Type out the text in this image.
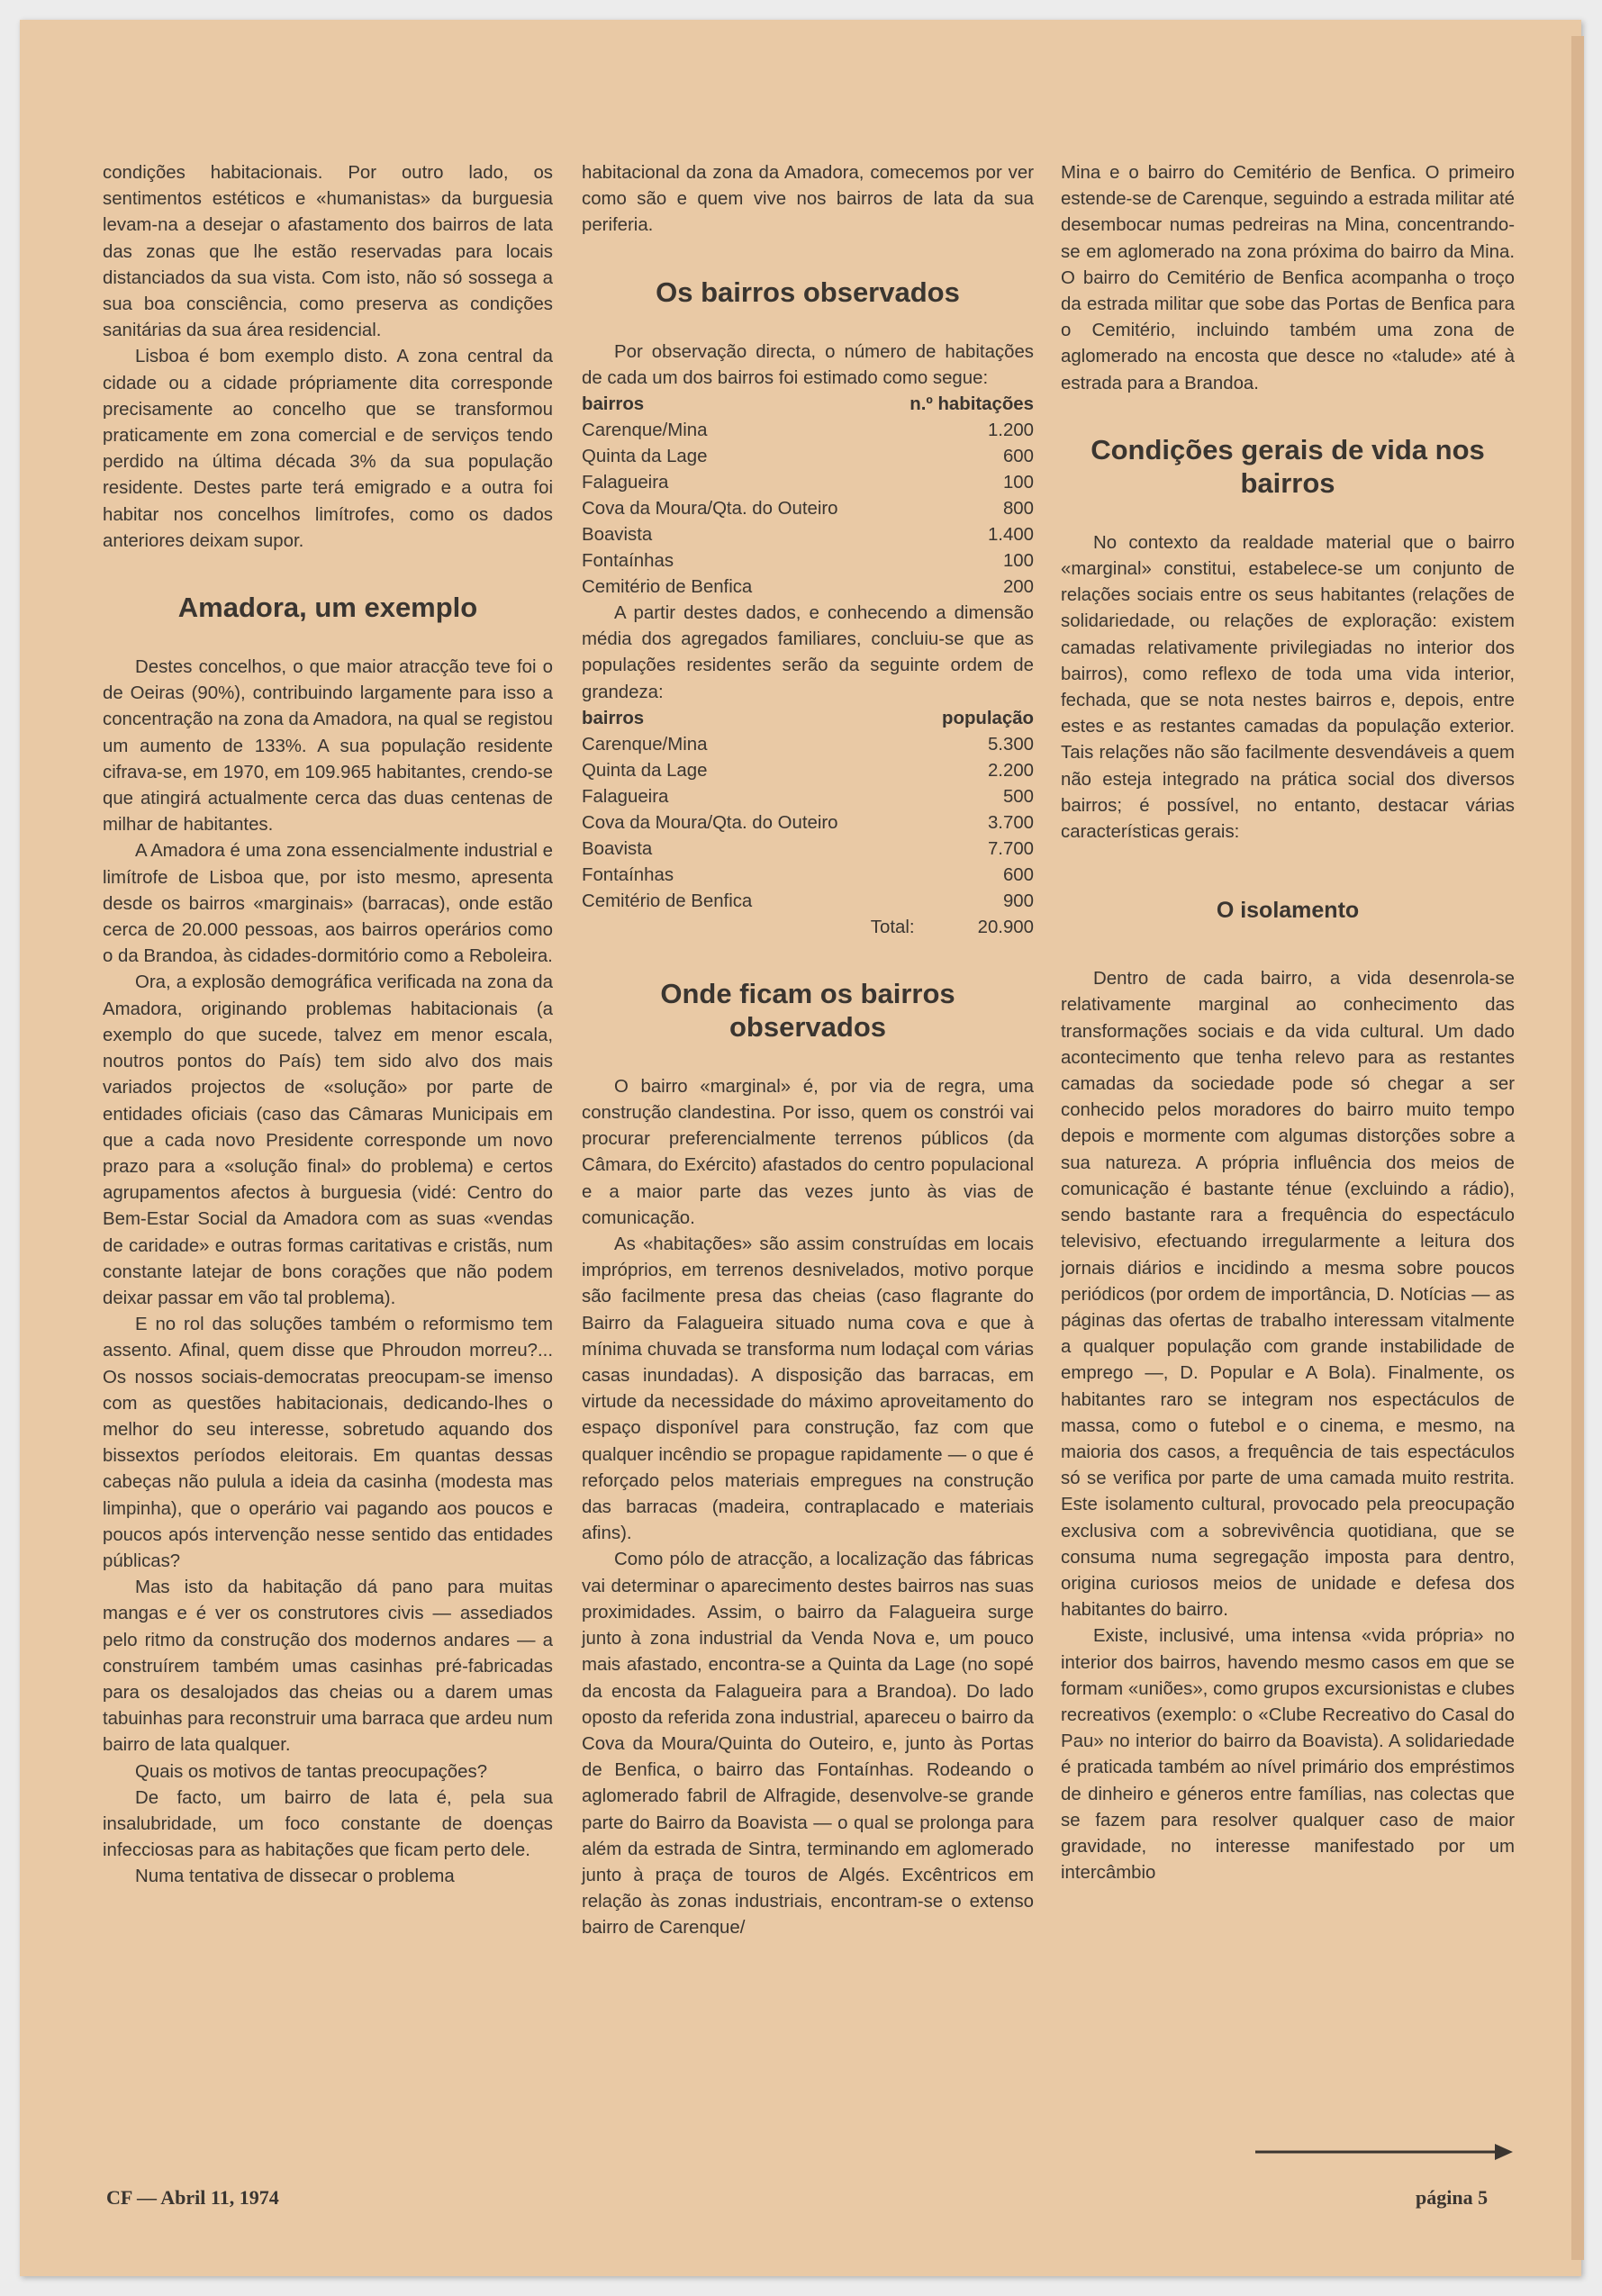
condições habitacionais. Por outro lado, os sentimentos estéticos e «humanistas» da burguesia levam-na a desejar o afastamento dos bairros de lata das zonas que lhe estão reservadas para locais distanciados da sua vista. Com isto, não só sossega a sua boa consciência, como preserva as condições sanitárias da sua área residencial.

Lisboa é bom exemplo disto. A zona central da cidade ou a cidade própriamente dita corresponde precisamente ao concelho que se transformou praticamente em zona comercial e de serviços tendo perdido na última década 3% da sua população residente. Destes parte terá emigrado e a outra foi habitar nos concelhos limítrofes, como os dados anteriores deixam supor.

Amadora, um exemplo

Destes concelhos, o que maior atracção teve foi o de Oeiras (90%), contribuindo largamente para isso a concentração na zona da Amadora, na qual se registou um aumento de 133%. A sua população residente cifrava-se, em 1970, em 109.965 habitantes, crendo-se que atingirá actualmente cerca das duas centenas de milhar de habitantes.

A Amadora é uma zona essencialmente industrial e limítrofe de Lisboa que, por isto mesmo, apresenta desde os bairros «marginais» (barracas), onde estão cerca de 20.000 pessoas, aos bairros operários como o da Brandoa, às cidades-dormitório como a Reboleira.

Ora, a explosão demográfica verificada na zona da Amadora, originando problemas habitacionais (a exemplo do que sucede, talvez em menor escala, noutros pontos do País) tem sido alvo dos mais variados projectos de «solução» por parte de entidades oficiais (caso das Câmaras Municipais em que a cada novo Presidente corresponde um novo prazo para a «solução final» do problema) e certos agrupamentos afectos à burguesia (vidé: Centro do Bem-Estar Social da Amadora com as suas «vendas de caridade» e outras formas caritativas e cristãs, num constante latejar de bons corações que não podem deixar passar em vão tal problema).

E no rol das soluções também o reformismo tem assento. Afinal, quem disse que Phroudon morreu?... Os nossos sociais-democratas preocupam-se imenso com as questões habitacionais, dedicando-lhes o melhor do seu interesse, sobretudo aquando dos bissextos períodos eleitorais. Em quantas dessas cabeças não pulula a ideia da casinha (modesta mas limpinha), que o operário vai pagando aos poucos e poucos após intervenção nesse sentido das entidades públicas?

Mas isto da habitação dá pano para muitas mangas e é ver os construtores civis — assediados pelo ritmo da construção dos modernos andares — a construírem também umas casinhas pré-fabricadas para os desalojados das cheias ou a darem umas tabuinhas para reconstruir uma barraca que ardeu num bairro de lata qualquer.

Quais os motivos de tantas preocupações?

De facto, um bairro de lata é, pela sua insalubridade, um foco constante de doenças infecciosas para as habitações que ficam perto dele.

Numa tentativa de dissecar o problema

habitacional da zona da Amadora, comecemos por ver como são e quem vive nos bairros de lata da sua periferia.

Os bairros observados

Por observação directa, o número de habitações de cada um dos bairros foi estimado como segue:

bairros	n.º habitações
Carenque/Mina	1.200
Quinta da Lage	600
Falagueira	100
Cova da Moura/Qta. do Outeiro	800
Boavista	1.400
Fontaínhas	100
Cemitério de Benfica	200

A partir destes dados, e conhecendo a dimensão média dos agregados familiares, concluiu-se que as populações residentes serão da seguinte ordem de grandeza:

bairros	população
Carenque/Mina	5.300
Quinta da Lage	2.200
Falagueira	500
Cova da Moura/Qta. do Outeiro	3.700
Boavista	7.700
Fontaínhas	600
Cemitério de Benfica	900
Total:	20.900
Onde ficam os bairros observados

O bairro «marginal» é, por via de regra, uma construção clandestina. Por isso, quem os constrói vai procurar preferencialmente terrenos públicos (da Câmara, do Exército) afastados do centro populacional e a maior parte das vezes junto às vias de comunicação.

As «habitações» são assim construídas em locais impróprios, em terrenos desnivelados, motivo porque são facilmente presa das cheias (caso flagrante do Bairro da Falagueira situado numa cova e que à mínima chuvada se transforma num lodaçal com várias casas inundadas). A disposição das barracas, em virtude da necessidade do máximo aproveitamento do espaço disponível para construção, faz com que qualquer incêndio se propague rapidamente — o que é reforçado pelos materiais empregues na construção das barracas (madeira, contraplacado e materiais afins).

Como pólo de atracção, a localização das fábricas vai determinar o aparecimento destes bairros nas suas proximidades. Assim, o bairro da Falagueira surge junto à zona industrial da Venda Nova e, um pouco mais afastado, encontra-se a Quinta da Lage (no sopé da encosta da Falagueira para a Brandoa). Do lado oposto da referida zona industrial, apareceu o bairro da Cova da Moura/Quinta do Outeiro, e, junto às Portas de Benfica, o bairro das Fontaínhas. Rodeando o aglomerado fabril de Alfragide, desenvolve-se grande parte do Bairro da Boavista — o qual se prolonga para além da estrada de Sintra, terminando em aglomerado junto à praça de touros de Algés. Excêntricos em relação às zonas industriais, encontram-se o extenso bairro de Carenque/

Mina e o bairro do Cemitério de Benfica. O primeiro estende-se de Carenque, seguindo a estrada militar até desembocar numas pedreiras na Mina, concentrando-se em aglomerado na zona próxima do bairro da Mina. O bairro do Cemitério de Benfica acompanha o troço da estrada militar que sobe das Portas de Benfica para o Cemitério, incluindo também uma zona de aglomerado na encosta que desce no «talude» até à estrada para a Brandoa.

Condições gerais de vida nos bairros

No contexto da realdade material que o bairro «marginal» constitui, estabelece-se um conjunto de relações sociais entre os seus habitantes (relações de solidariedade, ou relações de exploração: existem camadas relativamente privilegiadas no interior dos bairros), como reflexo de toda uma vida interior, fechada, que se nota nestes bairros e, depois, entre estes e as restantes camadas da população exterior. Tais relações não são facilmente desvendáveis a quem não esteja integrado na prática social dos diversos bairros; é possível, no entanto, destacar várias características gerais:

O isolamento

Dentro de cada bairro, a vida desenrola-se relativamente marginal ao conhecimento das transformações sociais e da vida cultural. Um dado acontecimento que tenha relevo para as restantes camadas da sociedade pode só chegar a ser conhecido pelos moradores do bairro muito tempo depois e mormente com algumas distorções sobre a sua natureza. A própria influência dos meios de comunicação é bastante ténue (excluindo a rádio), sendo bastante rara a frequência do espectáculo televisivo, efectuando irregularmente a leitura dos jornais diários e incidindo a mesma sobre poucos periódicos (por ordem de importância, D. Notícias — as páginas das ofertas de trabalho interessam vitalmente a qualquer população com grande instabilidade de emprego —, D. Popular e A Bola). Finalmente, os habitantes raro se integram nos espectáculos de massa, como o futebol e o cinema, e mesmo, na maioria dos casos, a frequência de tais espectáculos só se verifica por parte de uma camada muito restrita. Este isolamento cultural, provocado pela preocupação exclusiva com a sobrevivência quotidiana, que se consuma numa segregação imposta para dentro, origina curiosos meios de unidade e defesa dos habitantes do bairro.

Existe, inclusivé, uma intensa «vida própria» no interior dos bairros, havendo mesmo casos em que se formam «uniões», como grupos excursionistas e clubes recreativos (exemplo: o «Clube Recreativo do Casal do Pau» no interior do bairro da Boavista). A solidariedade é praticada também ao nível primário dos empréstimos de dinheiro e géneros entre famílias, nas colectas que se fazem para resolver qualquer caso de maior gravidade, no interesse manifestado por um intercâmbio

CF — Abril 11, 1974	página 5
